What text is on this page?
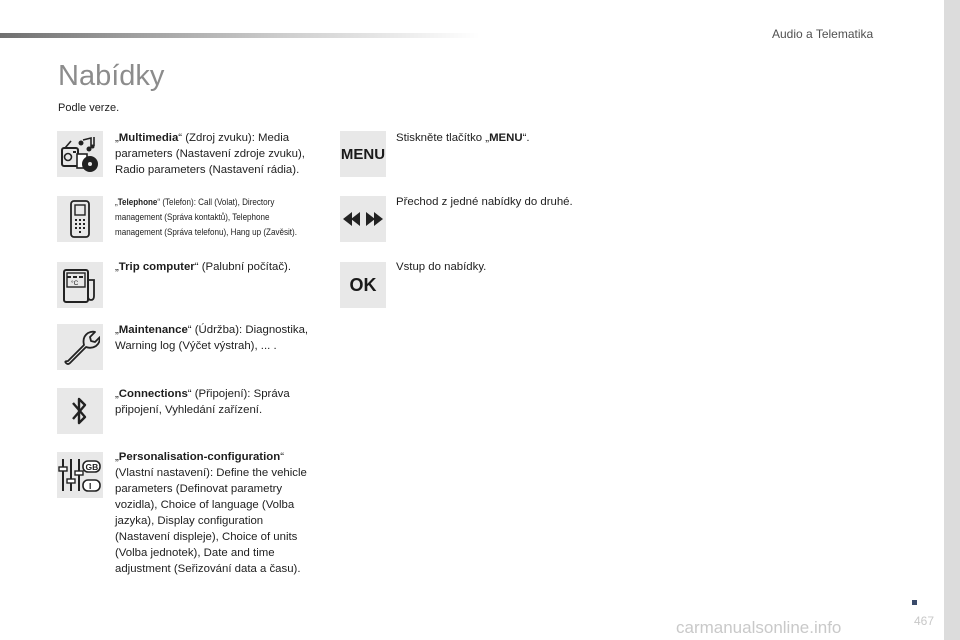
Audio a Telematika
Nabídky
Podle verze.
„Multimedia“ (Zdroj zvuku): Media parameters (Nastavení zdroje zvuku), Radio parameters (Nastavení rádia).
„Telephone“ (Telefon): Call (Volat), Directory management (Správa kontaktů), Telephone management (Správa telefonu), Hang up (Zavěsit).
°C
„Trip computer“ (Palubní počítač).
„Maintenance“ (Údržba): Diagnostika, Warning log (Výčet výstrah), ... .
„Connections“ (Připojení): Správa připojení, Vyhledání zařízení.
GB
I
„Personalisation-configuration“ (Vlastní nastavení): Define the vehicle parameters (Definovat parametry vozidla), Choice of language (Volba jazyka), Display configuration (Nastavení displeje), Choice of units (Volba jednotek), Date and time adjustment (Seřizování data a času).
MENU
Stiskněte tlačítko „MENU“.
Přechod z jedné nabídky do druhé.
OK
Vstup do nabídky.
467
carmanualsonline.info
